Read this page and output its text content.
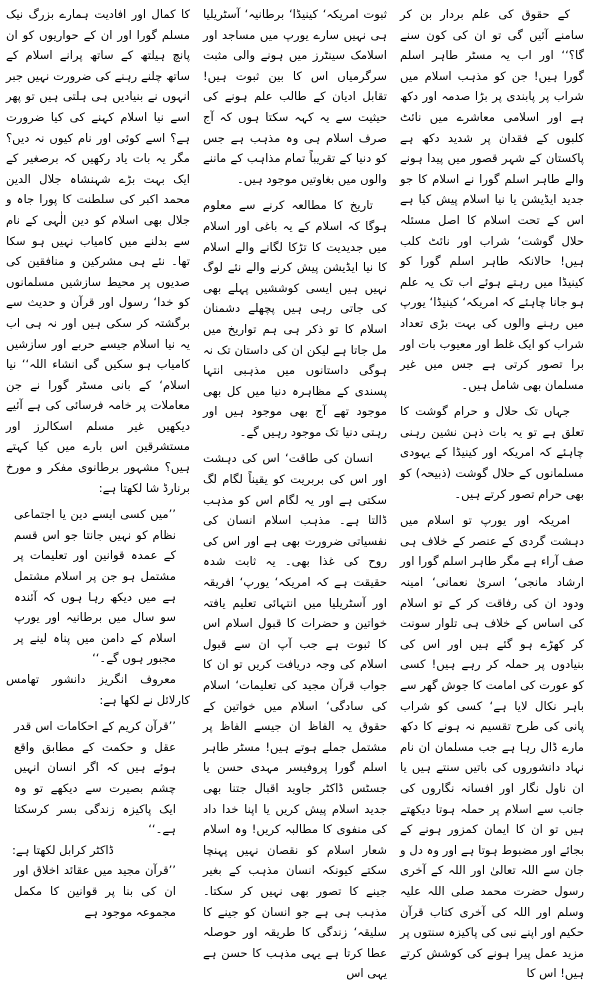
کے حقوق کی علم بردار بن کر سامنے آئیں گی تو ان کی کون سنے گا؟‘‘ اور اب یہ مسٹر طاہر اسلم گورا ہیں! جن کو مذہب اسلام میں شراب پر پابندی پر بڑا صدمہ اور دکھ ہے اور اسلامی معاشرے میں نائٹ کلبوں کے فقدان پر شدید دکھ ہے پاکستان کے شہر قصور میں پیدا ہونے والے طاہر اسلم گورا نے اسلام کا جو جدید ایڈیشن یا نیا اسلام پیش کیا ہے اس کے تحت اسلام کا اصل مسئلہ حلال گوشت‘ شراب اور نائٹ کلب ہیں! حالانکہ طاہر اسلم گورا کو کینیڈا میں رہتے ہوئے اب تک یہ علم ہو جانا چاہئے کہ امریکہ‘ کینیڈا‘ یورپ میں رہنے والوں کی بہت بڑی تعداد شراب کو ایک غلط اور معیوب بات اور برا تصور کرتی ہے جس میں غیر مسلمان بھی شامل ہیں۔

جہاں تک حلال و حرام گوشت کا تعلق ہے تو یہ بات ذہن نشین رہنی چاہئے کہ امریکہ اور کینیڈا کے یہودی مسلمانوں کے حلال گوشت (ذبیحہ) کو بھی حرام تصور کرتے ہیں۔

امریکہ اور یورپ تو اسلام میں دہشت گردی کے عنصر کے خلاف ہی صف آراء ہے مگر طاہر اسلم گورا اور ارشاد مانجی‘ اسریٰ نعمانی‘ امینہ ودود ان کی رفاقت کر کے تو اسلام کی اساس کے خلاف ہی تلوار سونت کر کھڑے ہو گئے ہیں اور اس کی بنیادوں پر حملہ کر رہے ہیں! کسی کو عورت کی امامت کا جوش گھر سے باہر نکال لایا ہے‘ کسی کو شراب پانی کی طرح تقسیم نہ ہونے کا دکھ مارے ڈال رہا ہے جب مسلمان ان نام نہاد دانشوروں کی باتیں سنتے ہیں یا ان ناول نگار اور افسانہ نگاروں کی جانب سے اسلام پر حملہ ہوتا دیکھتے ہیں تو ان کا ایمان کمزور ہونے کے بجائے اور مضبوط ہوتا ہے اور وہ دل و جان سے اللہ تعالیٰ اور اللہ کے آخری رسول حضرت محمد صلی اللہ علیہ وسلم اور اللہ کی آخری کتاب قرآن حکیم اور اپنے نبی کی پاکیزہ سنتوں پر مزید عمل پیرا ہونے کی کوشش کرتے ہیں! اس کا

ثبوت امریکہ‘ کینیڈا‘ برطانیہ‘ آسٹریلیا ہی نہیں سارے یورپ میں مساجد اور اسلامک سینٹرز میں ہونے والی مثبت سرگرمیاں اس کا بین ثبوت ہیں! تقابل ادیان کے طالب علم ہونے کی حیثیت سے یہ کہہ سکتا ہوں کہ آج صرف اسلام ہی وہ مذہب ہے جس کو دنیا کے تقریباً تمام مذاہب کے ماننے والوں میں بغاوتیں موجود ہیں۔

تاریخ کا مطالعہ کرنے سے معلوم ہوگا کہ اسلام کے یہ باغی اور اسلام میں جدیدیت کا تڑکا لگانے والے اسلام کا نیا ایڈیشن پیش کرنے والے نئے لوگ نہیں ہیں ایسی کوششیں پہلے بھی کی جاتی رہی ہیں پچھلے دشمنان اسلام کا تو ذکر ہی ہم تواریخ میں مل جاتا ہے لیکن ان کی داستان تک نہ ہوگی داستانوں میں مذہبی انتہا پسندی کے مظاہرہ دنیا میں کل بھی موجود تھے آج بھی موجود ہیں اور رہتی دنیا تک موجود رہیں گے۔

انسان کی طاقت‘ اس کی دہشت اور اس کی بربریت کو یقیناً لگام لگ سکتی ہے اور یہ لگام اس کو مذہب ڈالتا ہے۔ مذہب اسلام انسان کی نفسیاتی ضرورت بھی ہے اور اس کی روح کی غذا بھی۔ یہ ثابت شدہ حقیقت ہے کہ امریکہ‘ یورپ‘ افریقہ اور آسٹریلیا میں انتہائی تعلیم یافتہ خواتین و حضرات کا قبول اسلام اس کا ثبوت ہے جب آپ ان سے قبول اسلام کی وجہ دریافت کریں تو ان کا جواب قرآن مجید کی تعلیمات‘ اسلام کی سادگی‘ اسلام میں خواتین کے حقوق یہ الفاظ ان جیسے الفاظ پر مشتمل جملے ہوتے ہیں! مسٹر طاہر اسلم گورا پروفیسر مہدی حسن یا جسٹس ڈاکٹر جاوید اقبال جتنا بھی جدید اسلام پیش کریں یا اپنا خدا داد کی منفوی کا مطالبہ کریں! وہ اسلام شعار اسلام کو نقصان نہیں پہنچا سکتے کیونکہ انسان مذہب کے بغیر جینے کا تصور بھی نہیں کر سکتا۔ مذہب ہی ہے جو انسان کو جینے کا سلیقہ‘ زندگی کا طریقہ اور حوصلہ عطا کرتا ہے یہی مذہب کا حسن ہے یہی اس

کا کمال اور افادیت ہمارے بزرگ نیک مسلم گورا اور ان کے حواریوں کو ان پانچ ہیلتھ کے ساتھ پرانے اسلام کے ساتھ چلنے رہنے کی ضرورت نہیں جبر انہوں نے بنیادیں ہی ہلتی ہیں تو پھر اسے نیا اسلام کہنے کی کیا ضرورت ہے؟ اسے کوئی اور نام کیوں نہ دیں؟ مگر یہ بات یاد رکھیں کہ برصغیر کے ایک بہت بڑے شہنشاہ جلال الدین محمد اکبر کی سلطنت کا پورا جاہ و جلال بھی اسلام کو دین الٰہی کے نام سے بدلنے میں کامیاب نہیں ہو سکا تھا۔ نئے ہی مشرکین و منافقین کی صدیوں پر محیط سازشیں مسلمانوں کو خدا‘ رسول اور قرآن و حدیث سے برگشتہ کر سکی ہیں اور نہ ہی اب یہ نیا اسلام جیسے حربے اور سازشیں کامیاب ہو سکیں گی انشاء اللہ‘‘ نیا اسلام‘ کے بانی مسٹر گورا نے جن معاملات پر خامہ فرسائی کی ہے آئیے دیکھیں غیر مسلم اسکالرز اور مستشرقین اس بارے میں کیا کہتے ہیں؟ مشہور برطانوی مفکر و مورخ برنارڈ شا لکھتا ہے:

’’میں کسی ایسے دین یا اجتماعی نظام کو نہیں جانتا جو اس قسم کے عمدہ قوانین اور تعلیمات پر مشتمل ہو جن پر اسلام مشتمل ہے میں دیکھ رہا ہوں کہ آئندہ سو سال میں برطانیہ اور یورپ اسلام کے دامن میں پناہ لینے پر مجبور ہوں گے۔‘‘

معروف انگریز دانشور تھامس کارلائل نے لکھا ہے:

’’قرآن کریم کے احکامات اس قدر عقل و حکمت کے مطابق واقع ہوئے ہیں کہ اگر انسان انہیں چشم بصیرت سے دیکھے تو وہ ایک پاکیزہ زندگی بسر کرسکتا ہے۔‘‘

ڈاکٹر کرابل لکھتا ہے:

’’قرآن مجید میں عقائد اخلاق اور ان کی بنا پر قوانین کا مکمل مجموعہ موجود ہے
